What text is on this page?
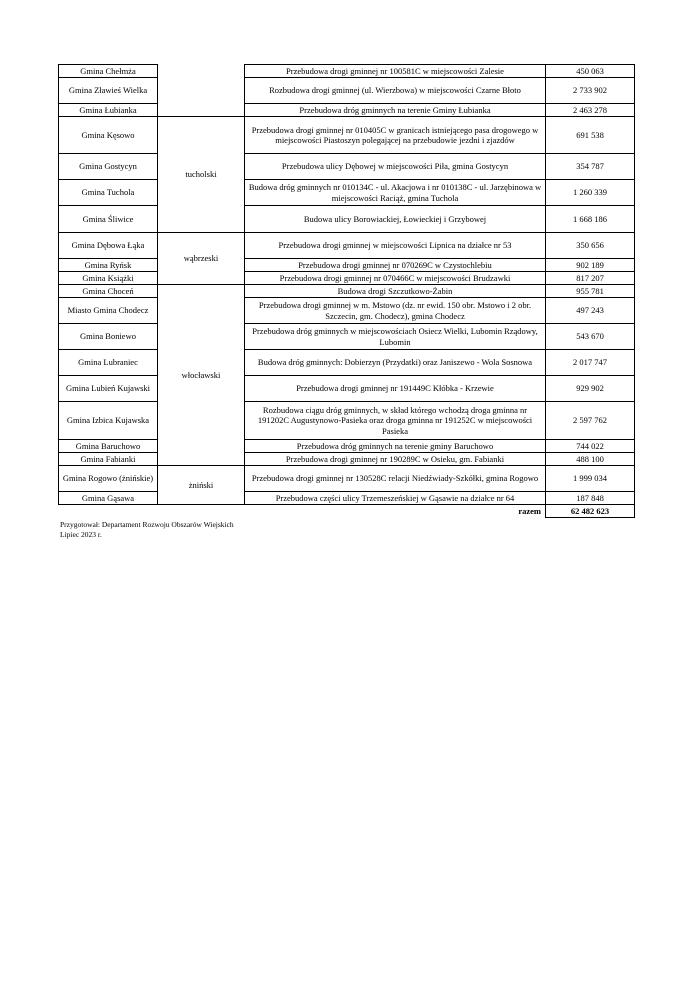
Gmina Chełmża		Przebudowa drogi gminnej nr 100581C w miejscowości Zalesie	450 063
Gmina Zławieś Wielka		Rozbudowa drogi gminnej (ul. Wierzbowa) w miejscowości Czarne Błoto	2 733 902
Gmina Łubianka		Przebudowa dróg gminnych na terenie Gminy Łubianka	2 463 278
Gmina Kęsowo	tucholski	Przebudowa drogi gminnej nr 010405C w granicach istniejącego pasa drogowego w miejscowości Piastoszyn polegającej na przebudowie jezdni i zjazdów	691 538
Gmina Gostycyn		Przebudowa ulicy Dębowej w miejscowości Piła, gmina Gostycyn	354 787
Gmina Tuchola		Budowa dróg gminnych nr 010134C - ul. Akacjowa i nr 010138C - ul. Jarzębinowa w miejscowości Raciąż, gmina Tuchola	1 260 339
Gmina Śliwice		Budowa ulicy Borowiackiej, Łowieckiej i Grzybowej	1 668 186
Gmina Dębowa Łąka	wąbrzeski	Przebudowa drogi gminnej w miejscowości Lipnica na działce nr 53	350 656
Gmina Ryńsk		Przebudowa drogi gminnej nr 070269C w Czystochlebiu	902 189
Gmina Książki		Przebudowa drogi gminnej nr 070466C w miejscowości Brudzawki	817 207
Gmina Choceń	włocławski	Budowa drogi Szczutkowo-Żabin	955 781
Miasto Gmina Chodecz		Przebudowa drogi gminnej w m. Mstowo (dz. nr ewid. 150 obr. Mstowo i 2 obr. Szczecin, gm. Chodecz), gmina Chodecz	497 243
Gmina Boniewo		Przebudowa dróg gminnych w miejscowościach Osiecz Wielki, Lubomin Rządowy, Lubomin	543 670
Gmina Lubraniec		Budowa dróg gminnych: Dobierzyn (Przydatki) oraz Janiszewo - Wola Sosnowa	2 017 747
Gmina Lubień Kujawski		Przebudowa drogi gminnej nr 191449C Kłóbka - Krzewie	929 902
Gmina Izbica Kujawska		Rozbudowa ciągu dróg gminnych, w skład którego wchodzą droga gminna nr 191202C Augustynowo-Pasieka oraz droga gminna nr 191252C w miejscowości Pasieka	2 597 762
Gmina Baruchowo		Przebudowa dróg gminnych na terenie gminy Baruchowo	744 022
Gmina Fabianki		Przebudowa drogi gminnej nr 190289C w Osieku, gm. Fabianki	488 100
Gmina Rogowo (żnińskie)	żniński	Przebudowa drogi gminnej nr 130528C relacji Niedźwiady-Szkółki, gmina Rogowo	1 999 034
Gmina Gąsawa		Przebudowa części ulicy Trzemeszeńskiej w Gąsawie na działce nr 64	187 848
		razem	62 482 623
Przygotował: Departament Rozwoju Obszarów Wiejskich
Lipiec 2023 r.
